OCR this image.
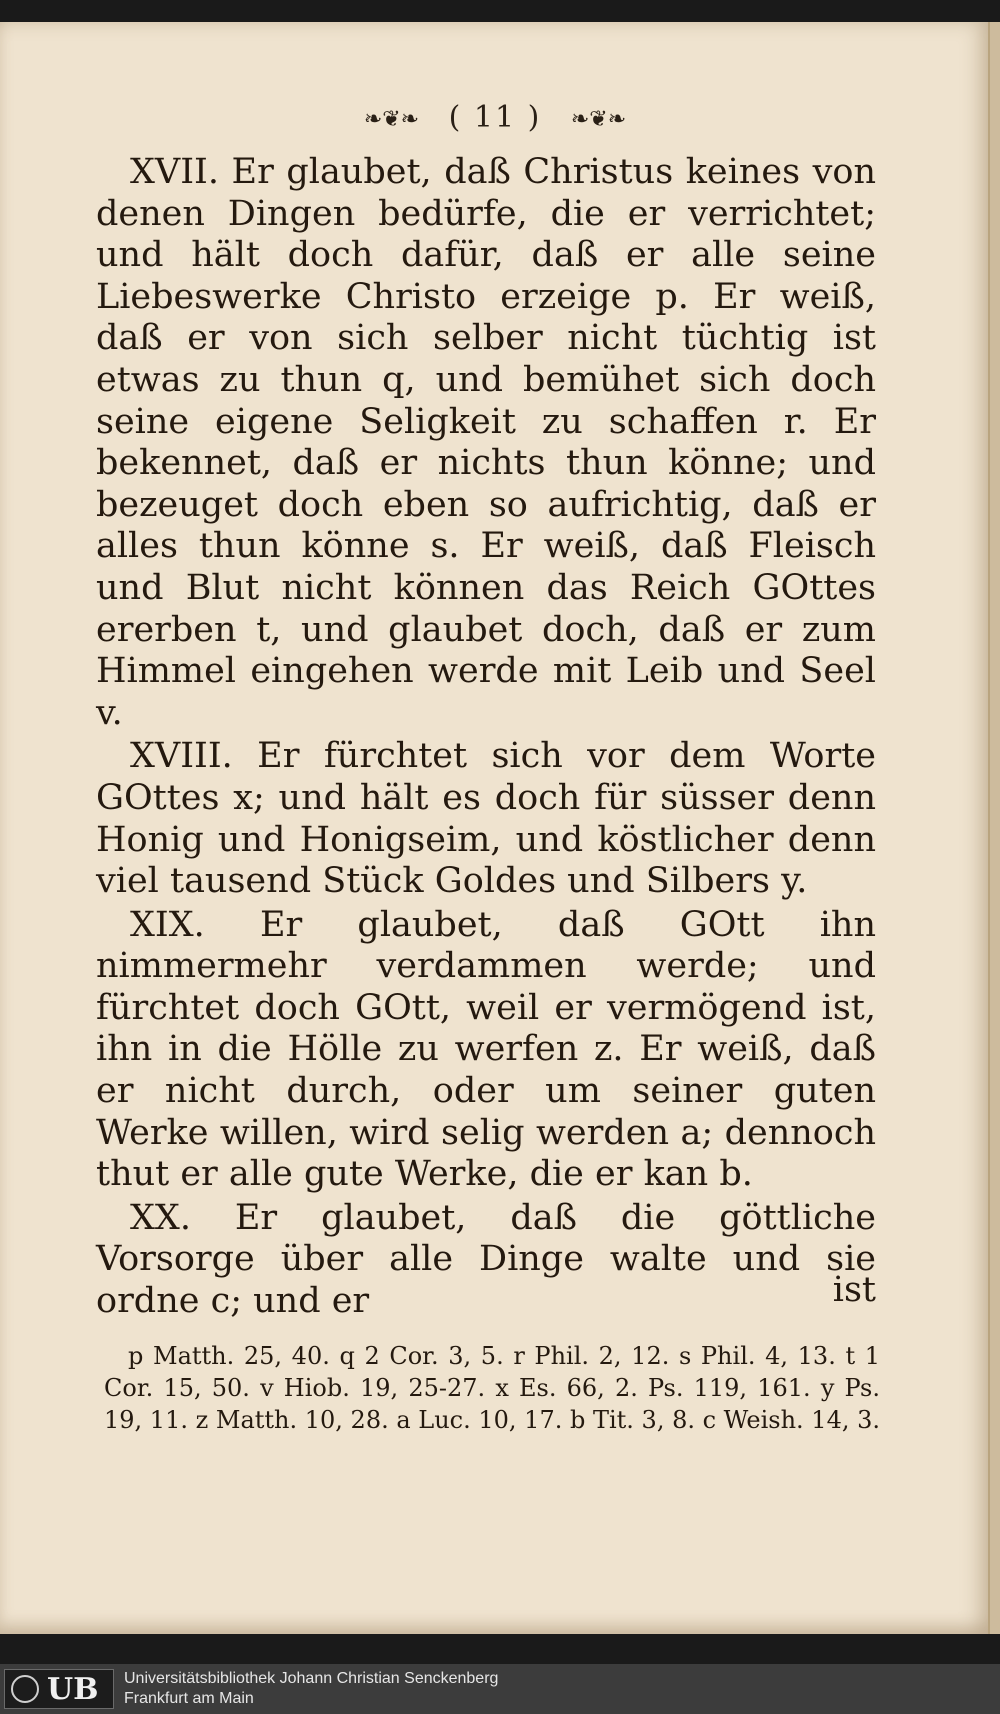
❧❦❧ ( 11 ) ❧❦❧

XVII. Er glaubet, daß Christus keines von denen Dingen bedürfe, die er verrichtet; und hält doch dafür, daß er alle seine Liebeswerke Christo erzeige p. Er weiß, daß er von sich selber nicht tüchtig ist etwas zu thun q, und bemühet sich doch seine eigene Seligkeit zu schaffen r. Er bekennet, daß er nichts thun könne; und bezeuget doch eben so aufrichtig, daß er alles thun könne s. Er weiß, daß Fleisch und Blut nicht können das Reich GOttes ererben t, und glaubet doch, daß er zum Himmel eingehen werde mit Leib und Seel v.

XVIII. Er fürchtet sich vor dem Worte GOttes x; und hält es doch für süsser denn Honig und Honigseim, und köstlicher denn viel tausend Stück Goldes und Silbers y.

XIX. Er glaubet, daß GOtt ihn nimmermehr verdammen werde; und fürchtet doch GOtt, weil er vermögend ist, ihn in die Hölle zu werfen z. Er weiß, daß er nicht durch, oder um seiner guten Werke willen, wird selig werden a; dennoch thut er alle gute Werke, die er kan b.

XX. Er glaubet, daß die göttliche Vorsorge über alle Dinge walte und sie ordne c; und er	ist
p Matth. 25, 40. q 2 Cor. 3, 5. r Phil. 2, 12. s Phil. 4, 13. t 1 Cor. 15, 50. v Hiob. 19, 25-27. x Es. 66, 2. Ps. 119, 161. y Ps. 19, 11. z Matth. 10, 28. a Luc. 10, 17. b Tit. 3, 8. c Weish. 14, 3.
UB Universitätsbibliothek Johann Christian Senckenberg
Frankfurt am Main
